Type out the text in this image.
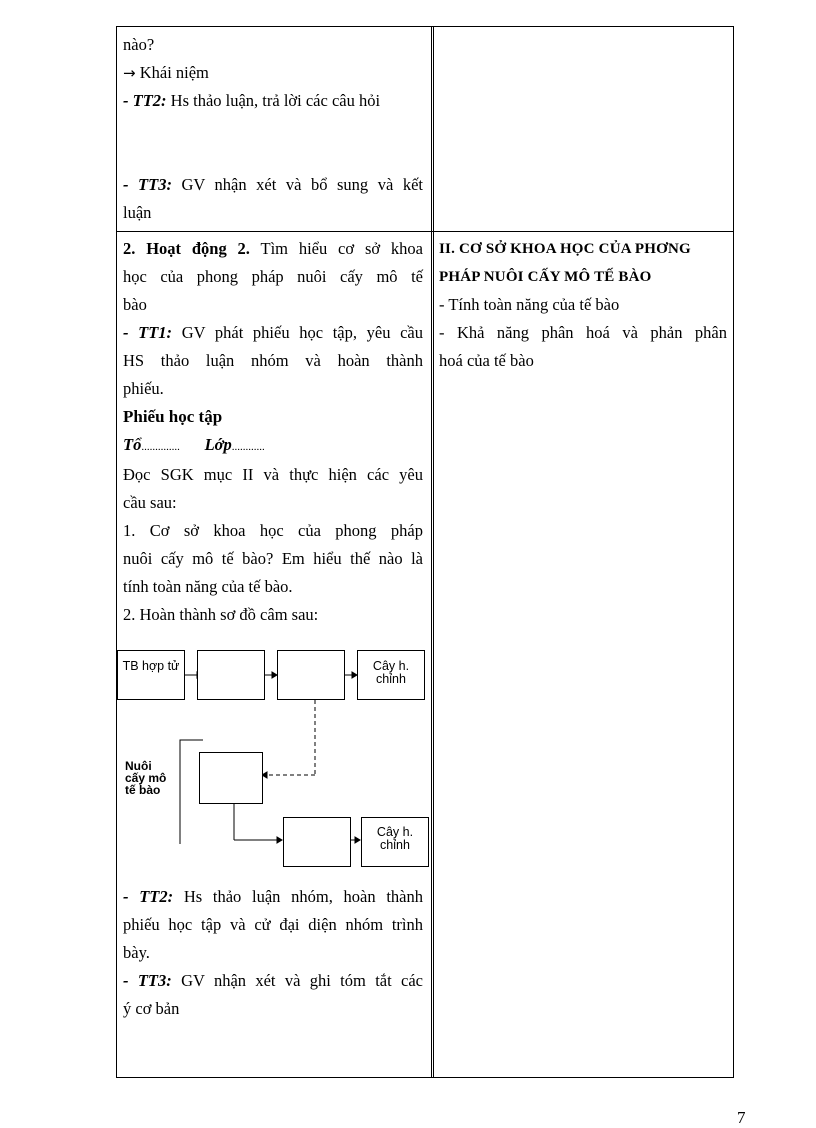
nào?

→ Khái niệm

- TT2: Hs thảo luận, trả lời các câu hỏi

- TT3: GV nhận xét và bổ sung và kết

luận

2. Hoạt động 2. Tìm hiểu cơ sở khoa

học của phong pháp nuôi cấy mô tế

bào

- TT1: GV phát phiếu học tập, yêu cầu

HS thảo luận nhóm và hoàn thành

phiếu.

Phiếu học tập

Tổ.............. Lớp............

Đọc SGK mục II và thực hiện các yêu

cầu sau:

1. Cơ sở khoa học của phong pháp

nuôi cấy mô tế bào? Em hiểu thế nào là

tính toàn năng của tế bào.

2. Hoàn thành sơ đồ câm sau:

TB hợp tử	Cây h. chỉnh
Nuôi cấy mô tế bào
Cây h. chỉnh

- TT2: Hs thảo luận nhóm, hoàn thành

phiếu học tập và cử đại diện nhóm trình

bày.

- TT3: GV nhận xét và ghi tóm tắt các

ý cơ bản

II. CƠ SỞ KHOA HỌC CỦA PHƠNG

PHÁP NUÔI CẤY MÔ TẾ BÀO

- Tính toàn năng của tế bào

- Khả năng phân hoá và phản phân

hoá của tế bào

7
